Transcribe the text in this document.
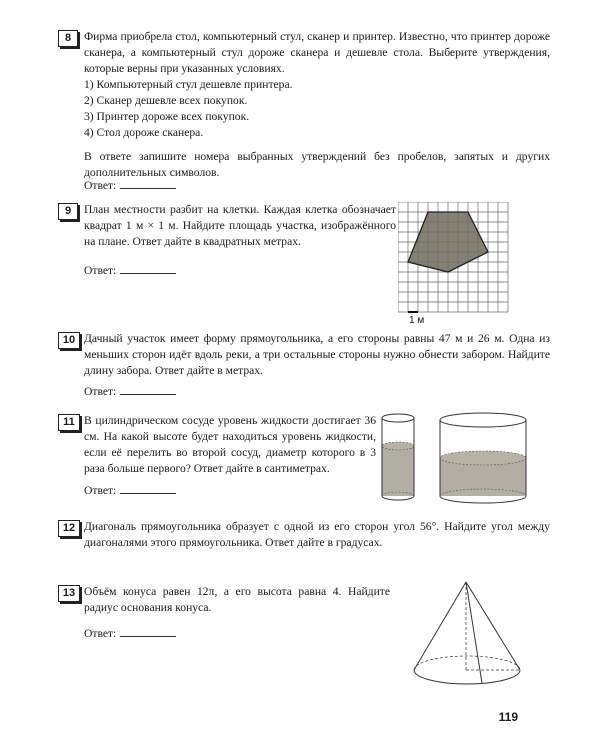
8	Фирма приобрела стол, компьютерный стул, сканер и принтер. Известно, что принтер дороже сканера, а компьютерный стул дороже сканера и дешевле стола. Выберите утверждения, которые верны при указанных условиях.

1) Компьютерный стул дешевле принтера.

2) Сканер дешевле всех покупок.

3) Принтер дороже всех покупок.

4) Стол дороже сканера.

В ответе запишите номера выбранных утверждений без пробелов, запятых и других дополнительных символов.

Ответ:
9	План местности разбит на клетки. Каждая клетка обозначает квадрат 1 м × 1 м. Найдите площадь участка, изображённого на плане. Ответ дайте в квадратных метрах.
Ответ:
1 м
10 Дачный участок имеет форму прямоугольника, а его стороны равны 47 м и 26 м. Одна из меньших сторон идёт вдоль реки, а три остальные стороны нужно обнести забором. Найдите длину забора. Ответ дайте в метрах.
Ответ:
11 В цилиндрическом сосуде уровень жидкости достигает 36 см. На какой высоте будет находиться уровень жидкости, если её перелить во второй сосуд, диаметр которого в 3 раза больше первого? Ответ дайте в сантиметрах.
Ответ:
12 Диагональ прямоугольника образует с одной из его сторон угол 56°. Найдите угол между диагоналями этого прямоугольника. Ответ дайте в градусах.
13 Объём конуса равен 12π, а его высота равна 4. Найдите радиус основания конуса.
Ответ:
119
